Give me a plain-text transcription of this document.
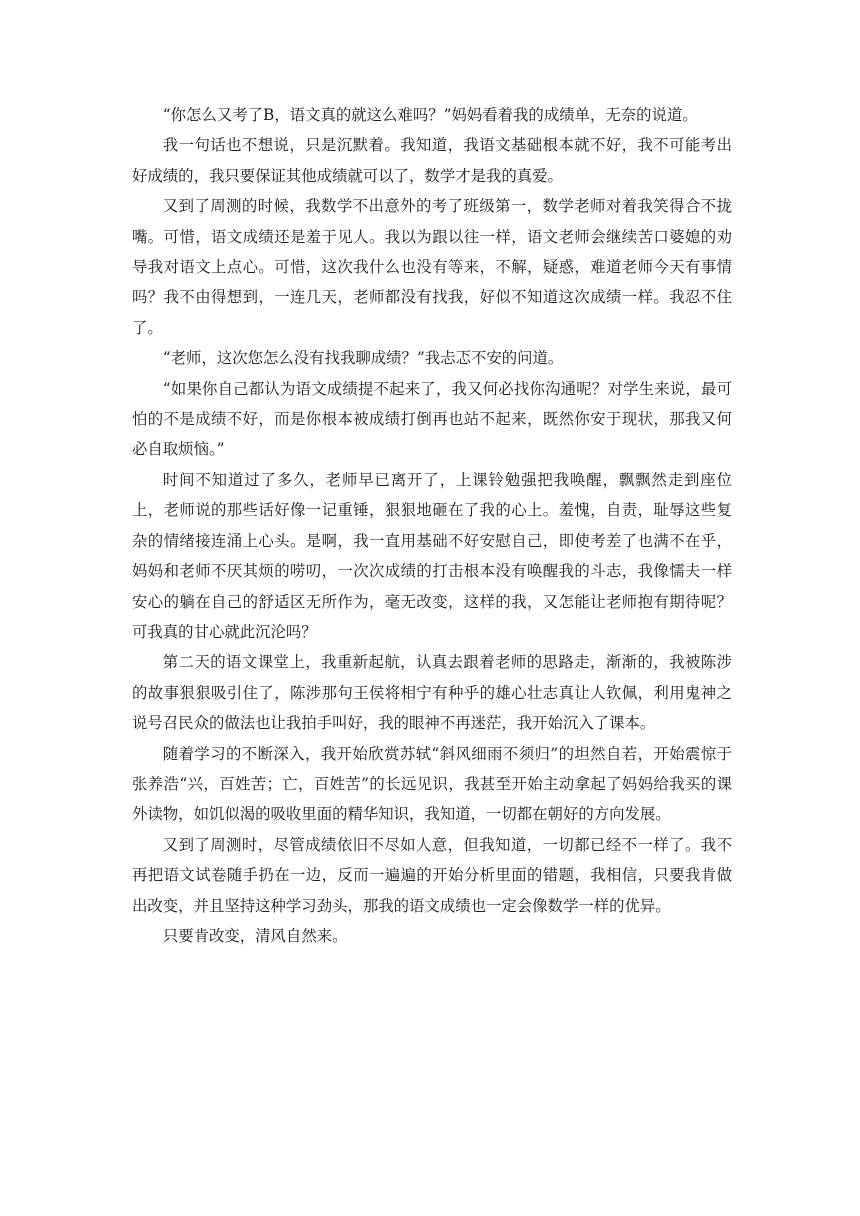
“你怎么又考了B，语文真的就这么难吗？”妈妈看着我的成绩单，无奈的说道。

我一句话也不想说，只是沉默着。我知道，我语文基础根本就不好，我不可能考出好成绩的，我只要保证其他成绩就可以了，数学才是我的真爱。

又到了周测的时候，我数学不出意外的考了班级第一，数学老师对着我笑得合不拢嘴。可惜，语文成绩还是羞于见人。我以为跟以往一样，语文老师会继续苦口婆媳的劝导我对语文上点心。可惜，这次我什么也没有等来，不解，疑惑，难道老师今天有事情吗？我不由得想到，一连几天，老师都没有找我，好似不知道这次成绩一样。我忍不住了。

“老师，这次您怎么没有找我聊成绩？”我忐忑不安的问道。

“如果你自己都认为语文成绩提不起来了，我又何必找你沟通呢？对学生来说，最可怕的不是成绩不好，而是你根本被成绩打倒再也站不起来，既然你安于现状，那我又何必自取烦恼。”

时间不知道过了多久，老师早已离开了，上课铃勉强把我唤醒，飘飘然走到座位上，老师说的那些话好像一记重锤，狠狠地砸在了我的心上。羞愧，自责，耻辱这些复杂的情绪接连涌上心头。是啊，我一直用基础不好安慰自己，即使考差了也满不在乎，妈妈和老师不厌其烦的唠叨，一次次成绩的打击根本没有唤醒我的斗志，我像懦夫一样安心的躺在自己的舒适区无所作为，毫无改变，这样的我，又怎能让老师抱有期待呢？可我真的甘心就此沉沦吗？

第二天的语文课堂上，我重新起航，认真去跟着老师的思路走，渐渐的，我被陈涉的故事狠狠吸引住了，陈涉那句王侯将相宁有种乎的雄心壮志真让人钦佩，利用鬼神之说号召民众的做法也让我拍手叫好，我的眼神不再迷茫，我开始沉入了课本。

随着学习的不断深入，我开始欣赏苏轼“斜风细雨不须归”的坦然自若，开始震惊于张养浩“兴，百姓苦；亡，百姓苦”的长远见识，我甚至开始主动拿起了妈妈给我买的课外读物，如饥似渴的吸收里面的精华知识，我知道，一切都在朝好的方向发展。

又到了周测时，尽管成绩依旧不尽如人意，但我知道，一切都已经不一样了。我不再把语文试卷随手扔在一边，反而一遍遍的开始分析里面的错题，我相信，只要我肯做出改变，并且坚持这种学习劲头，那我的语文成绩也一定会像数学一样的优异。

只要肯改变，清风自然来。
